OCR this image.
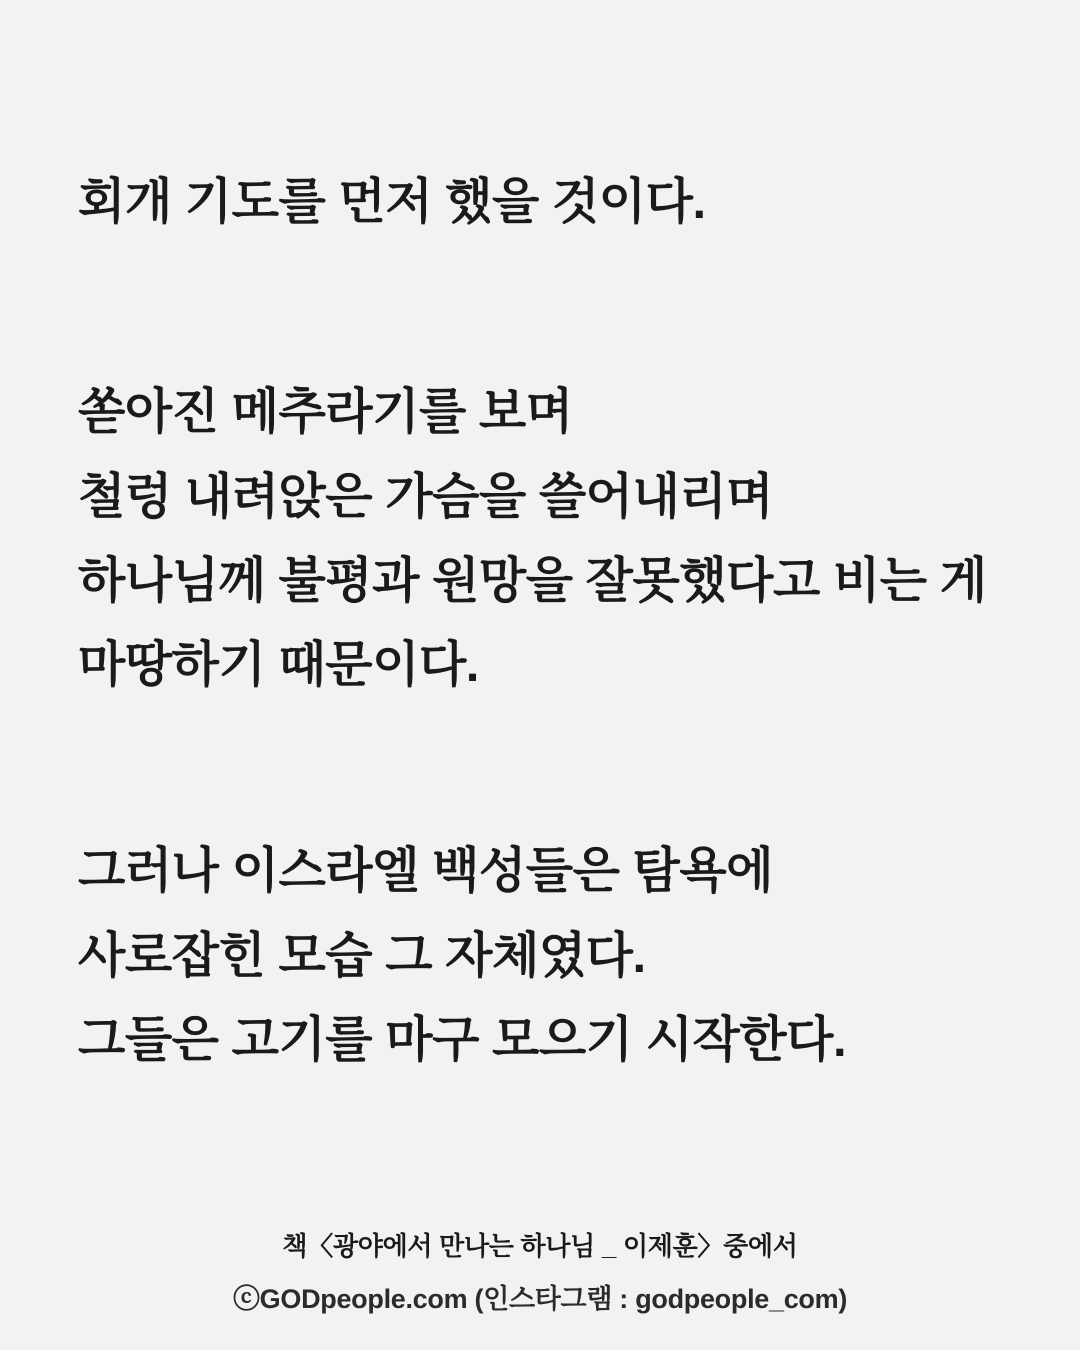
회개 기도를 먼저 했을 것이다.
쏟아진 메추라기를 보며
철렁 내려앉은 가슴을 쓸어내리며
하나님께 불평과 원망을 잘못했다고 비는 게
마땅하기 때문이다.
그러나 이스라엘 백성들은 탐욕에
사로잡힌 모습 그 자체였다.
그들은 고기를 마구 모으기 시작한다.
책〈광야에서 만나는 하나님 _ 이제훈〉중에서
ⓒGODpeople.com (인스타그램 : godpeople_com)
